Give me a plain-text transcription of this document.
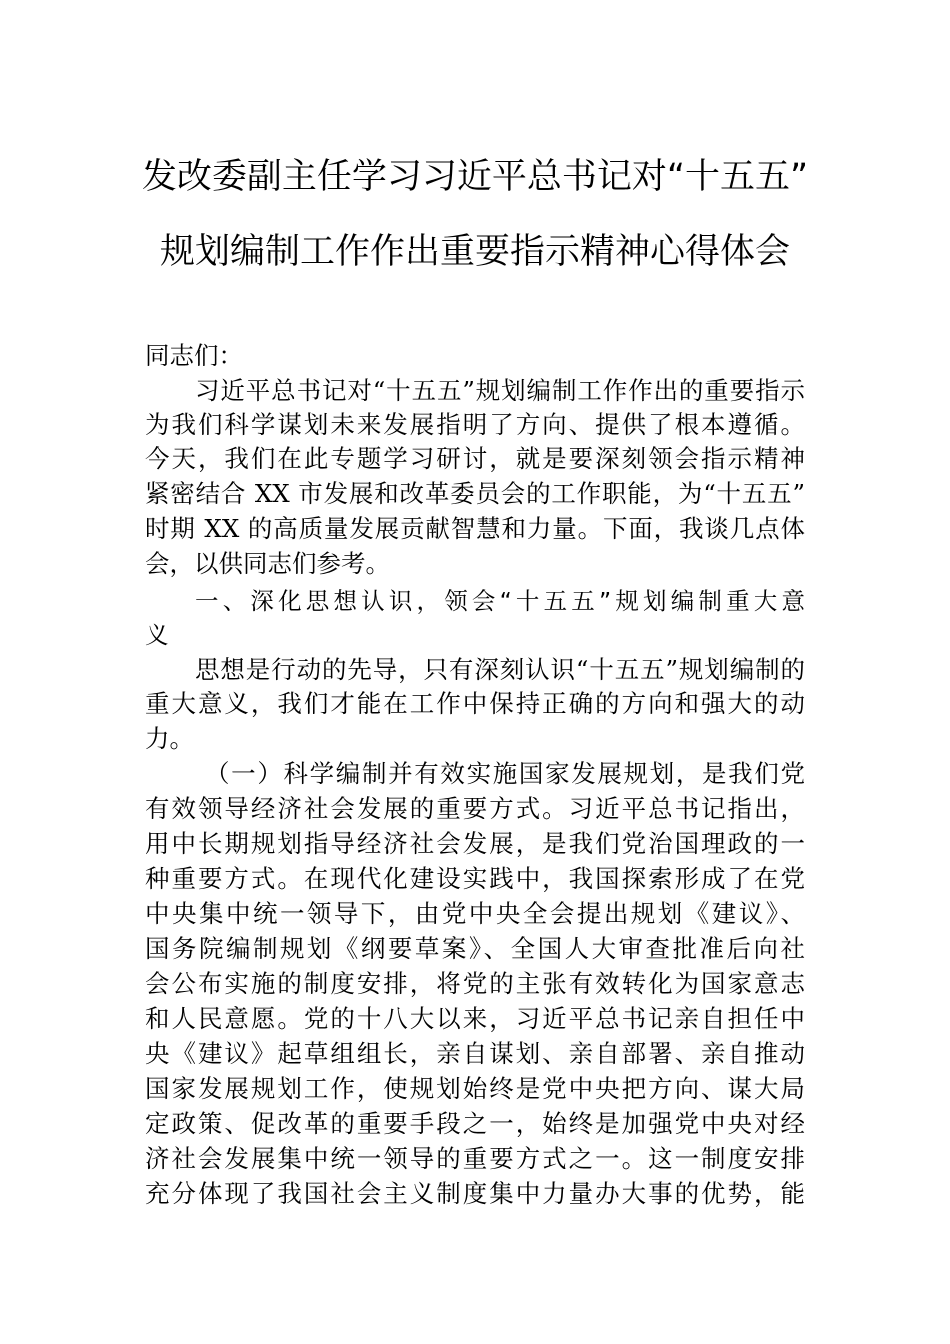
发改委副主任学习习近平总书记对“十五五”
规划编制工作作出重要指示精神心得体会
同志们：
习近平总书记对“十五五”规划编制工作作出的重要指示
为我们科学谋划未来发展指明了方向、提供了根本遵循。
今天，我们在此专题学习研讨，就是要深刻领会指示精神
紧密结合 XX 市发展和改革委员会的工作职能，为“十五五”
时期 XX 的高质量发展贡献智慧和力量。下面，我谈几点体
会，以供同志们参考。
一、深化思想认识，领会“十五五”规划编制重大意
义
思想是行动的先导，只有深刻认识“十五五”规划编制的
重大意义，我们才能在工作中保持正确的方向和强大的动
力。
（一）科学编制并有效实施国家发展规划，是我们党
有效领导经济社会发展的重要方式。习近平总书记指出，
用中长期规划指导经济社会发展，是我们党治国理政的一
种重要方式。在现代化建设实践中，我国探索形成了在党
中央集中统一领导下，由党中央全会提出规划《建议》、
国务院编制规划《纲要草案》、全国人大审查批准后向社
会公布实施的制度安排，将党的主张有效转化为国家意志
和人民意愿。党的十八大以来，习近平总书记亲自担任中
央《建议》起草组组长，亲自谋划、亲自部署、亲自推动
国家发展规划工作，使规划始终是党中央把方向、谋大局
定政策、促改革的重要手段之一，始终是加强党中央对经
济社会发展集中统一领导的重要方式之一。这一制度安排
充分体现了我国社会主义制度集中力量办大事的优势，能
